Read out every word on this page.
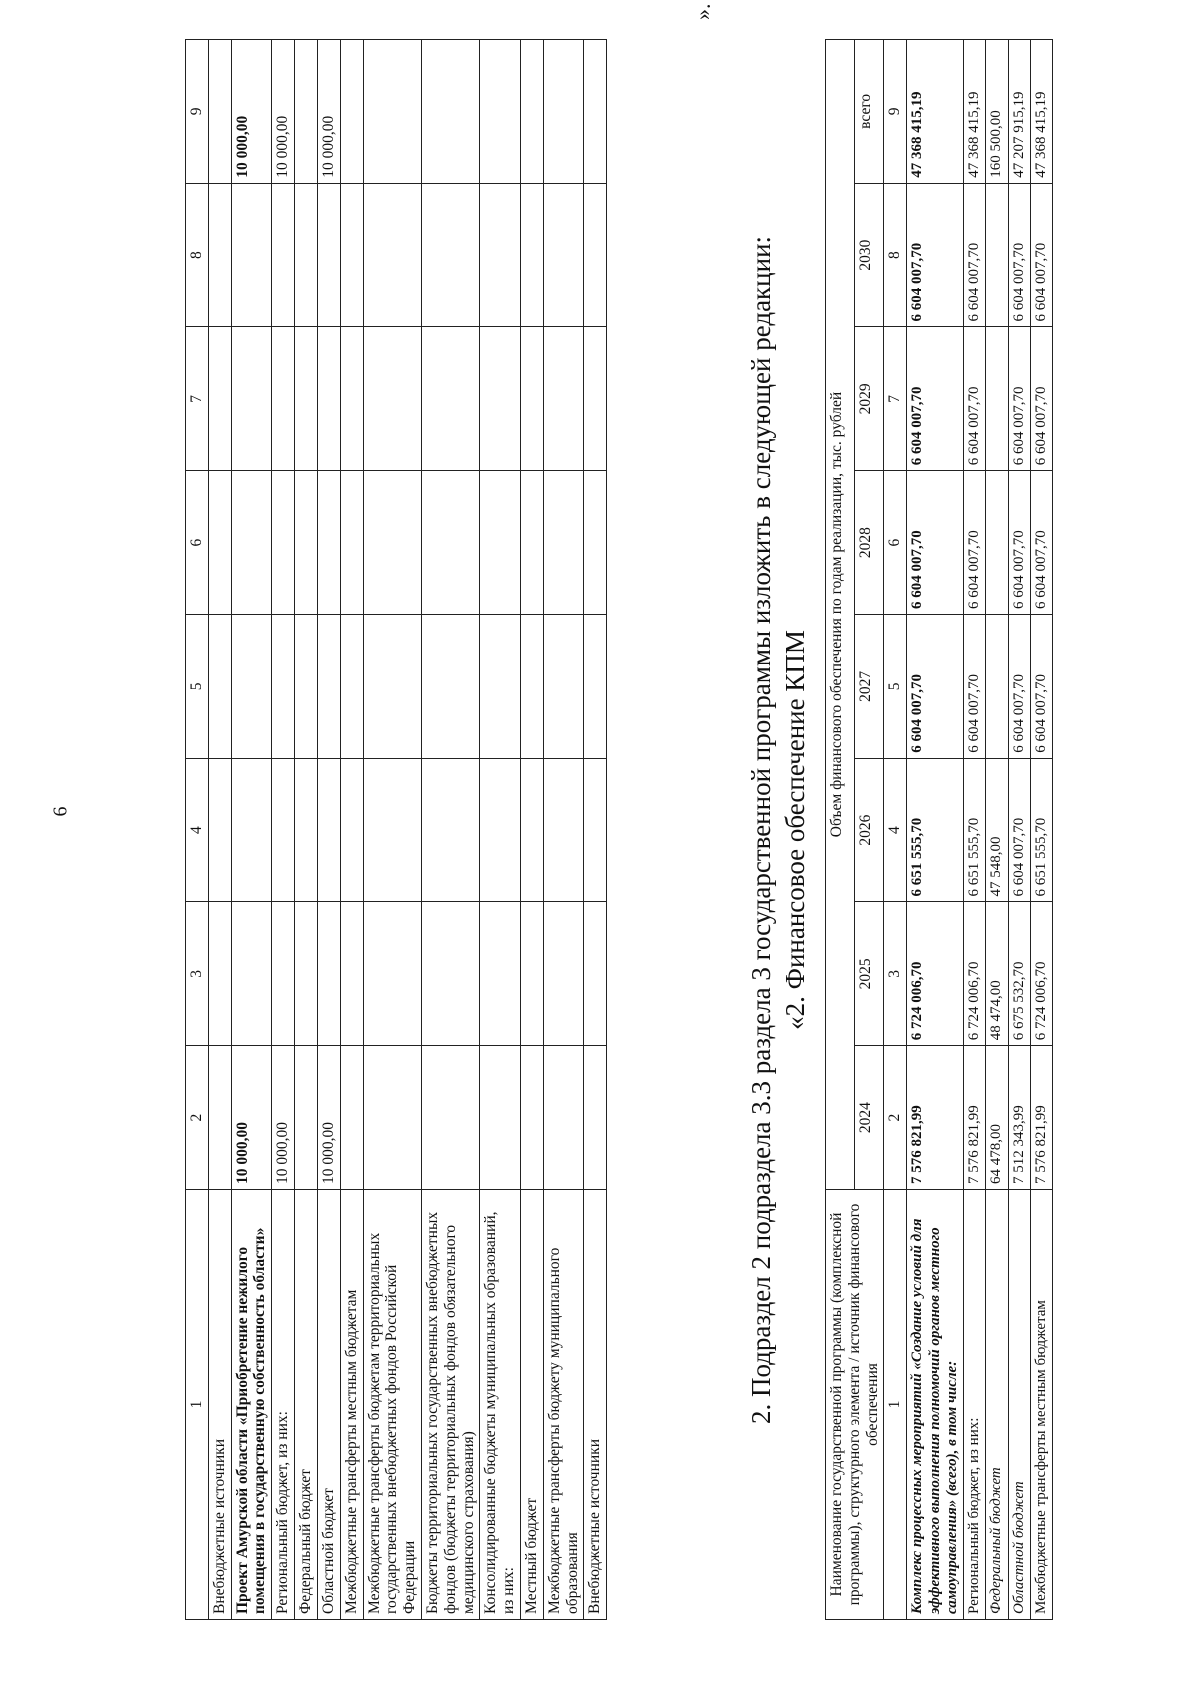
6
1	2	3	4	5	6	7	8	9
Внебюджетные источники								
Проект Амурской области «Приобретение нежилого помещения в государственную собственность области»	10 000,00							10 000,00
Региональный бюджет, из них:	10 000,00							10 000,00
Федеральный бюджет								
Областной бюджет	10 000,00							10 000,00
Межбюджетные трансферты местным бюджетам								
Межбюджетные трансферты бюджетам территориальных государственных внебюджетных фондов Российской Федерации								
Бюджеты территориальных государственных внебюджетных фондов (бюджеты территориальных фондов обязательного медицинского страхования)								
Консолидированные бюджеты муниципальных образований, из них:								
Местный бюджет								
Межбюджетные трансферты бюджету муниципального образования								
Внебюджетные источники								
2. Подраздел 2 подраздела 3.3 раздела 3 государственной программы изложить в следующей редакции: «2. Финансовое обеспечение КПМ
».
Наименование государственной программы (комплексной программы), структурного элемента / источник финансового обеспечения	Объем финансового обеспечения по годам реализации, тыс. рублей							
	2024	2025	2026	2027	2028	2029	2030	всего
1	2	3	4	5	6	7	8	9
Комплекс процессных мероприятий «Создание условий для эффективного выполнения полномочий органов местного самоуправления» (всего), в том числе:	7 576 821,99	6 724 006,70	6 651 555,70	6 604 007,70	6 604 007,70	6 604 007,70	6 604 007,70	47 368 415,19
Региональный бюджет, из них:	7 576 821,99	6 724 006,70	6 651 555,70	6 604 007,70	6 604 007,70	6 604 007,70	6 604 007,70	47 368 415,19
Федеральный бюджет	64 478,00	48 474,00	47 548,00					160 500,00
Областной бюджет	7 512 343,99	6 675 532,70	6 604 007,70	6 604 007,70	6 604 007,70	6 604 007,70	6 604 007,70	47 207 915,19
Межбюджетные трансферты местным бюджетам	7 576 821,99	6 724 006,70	6 651 555,70	6 604 007,70	6 604 007,70	6 604 007,70	6 604 007,70	47 368 415,19
